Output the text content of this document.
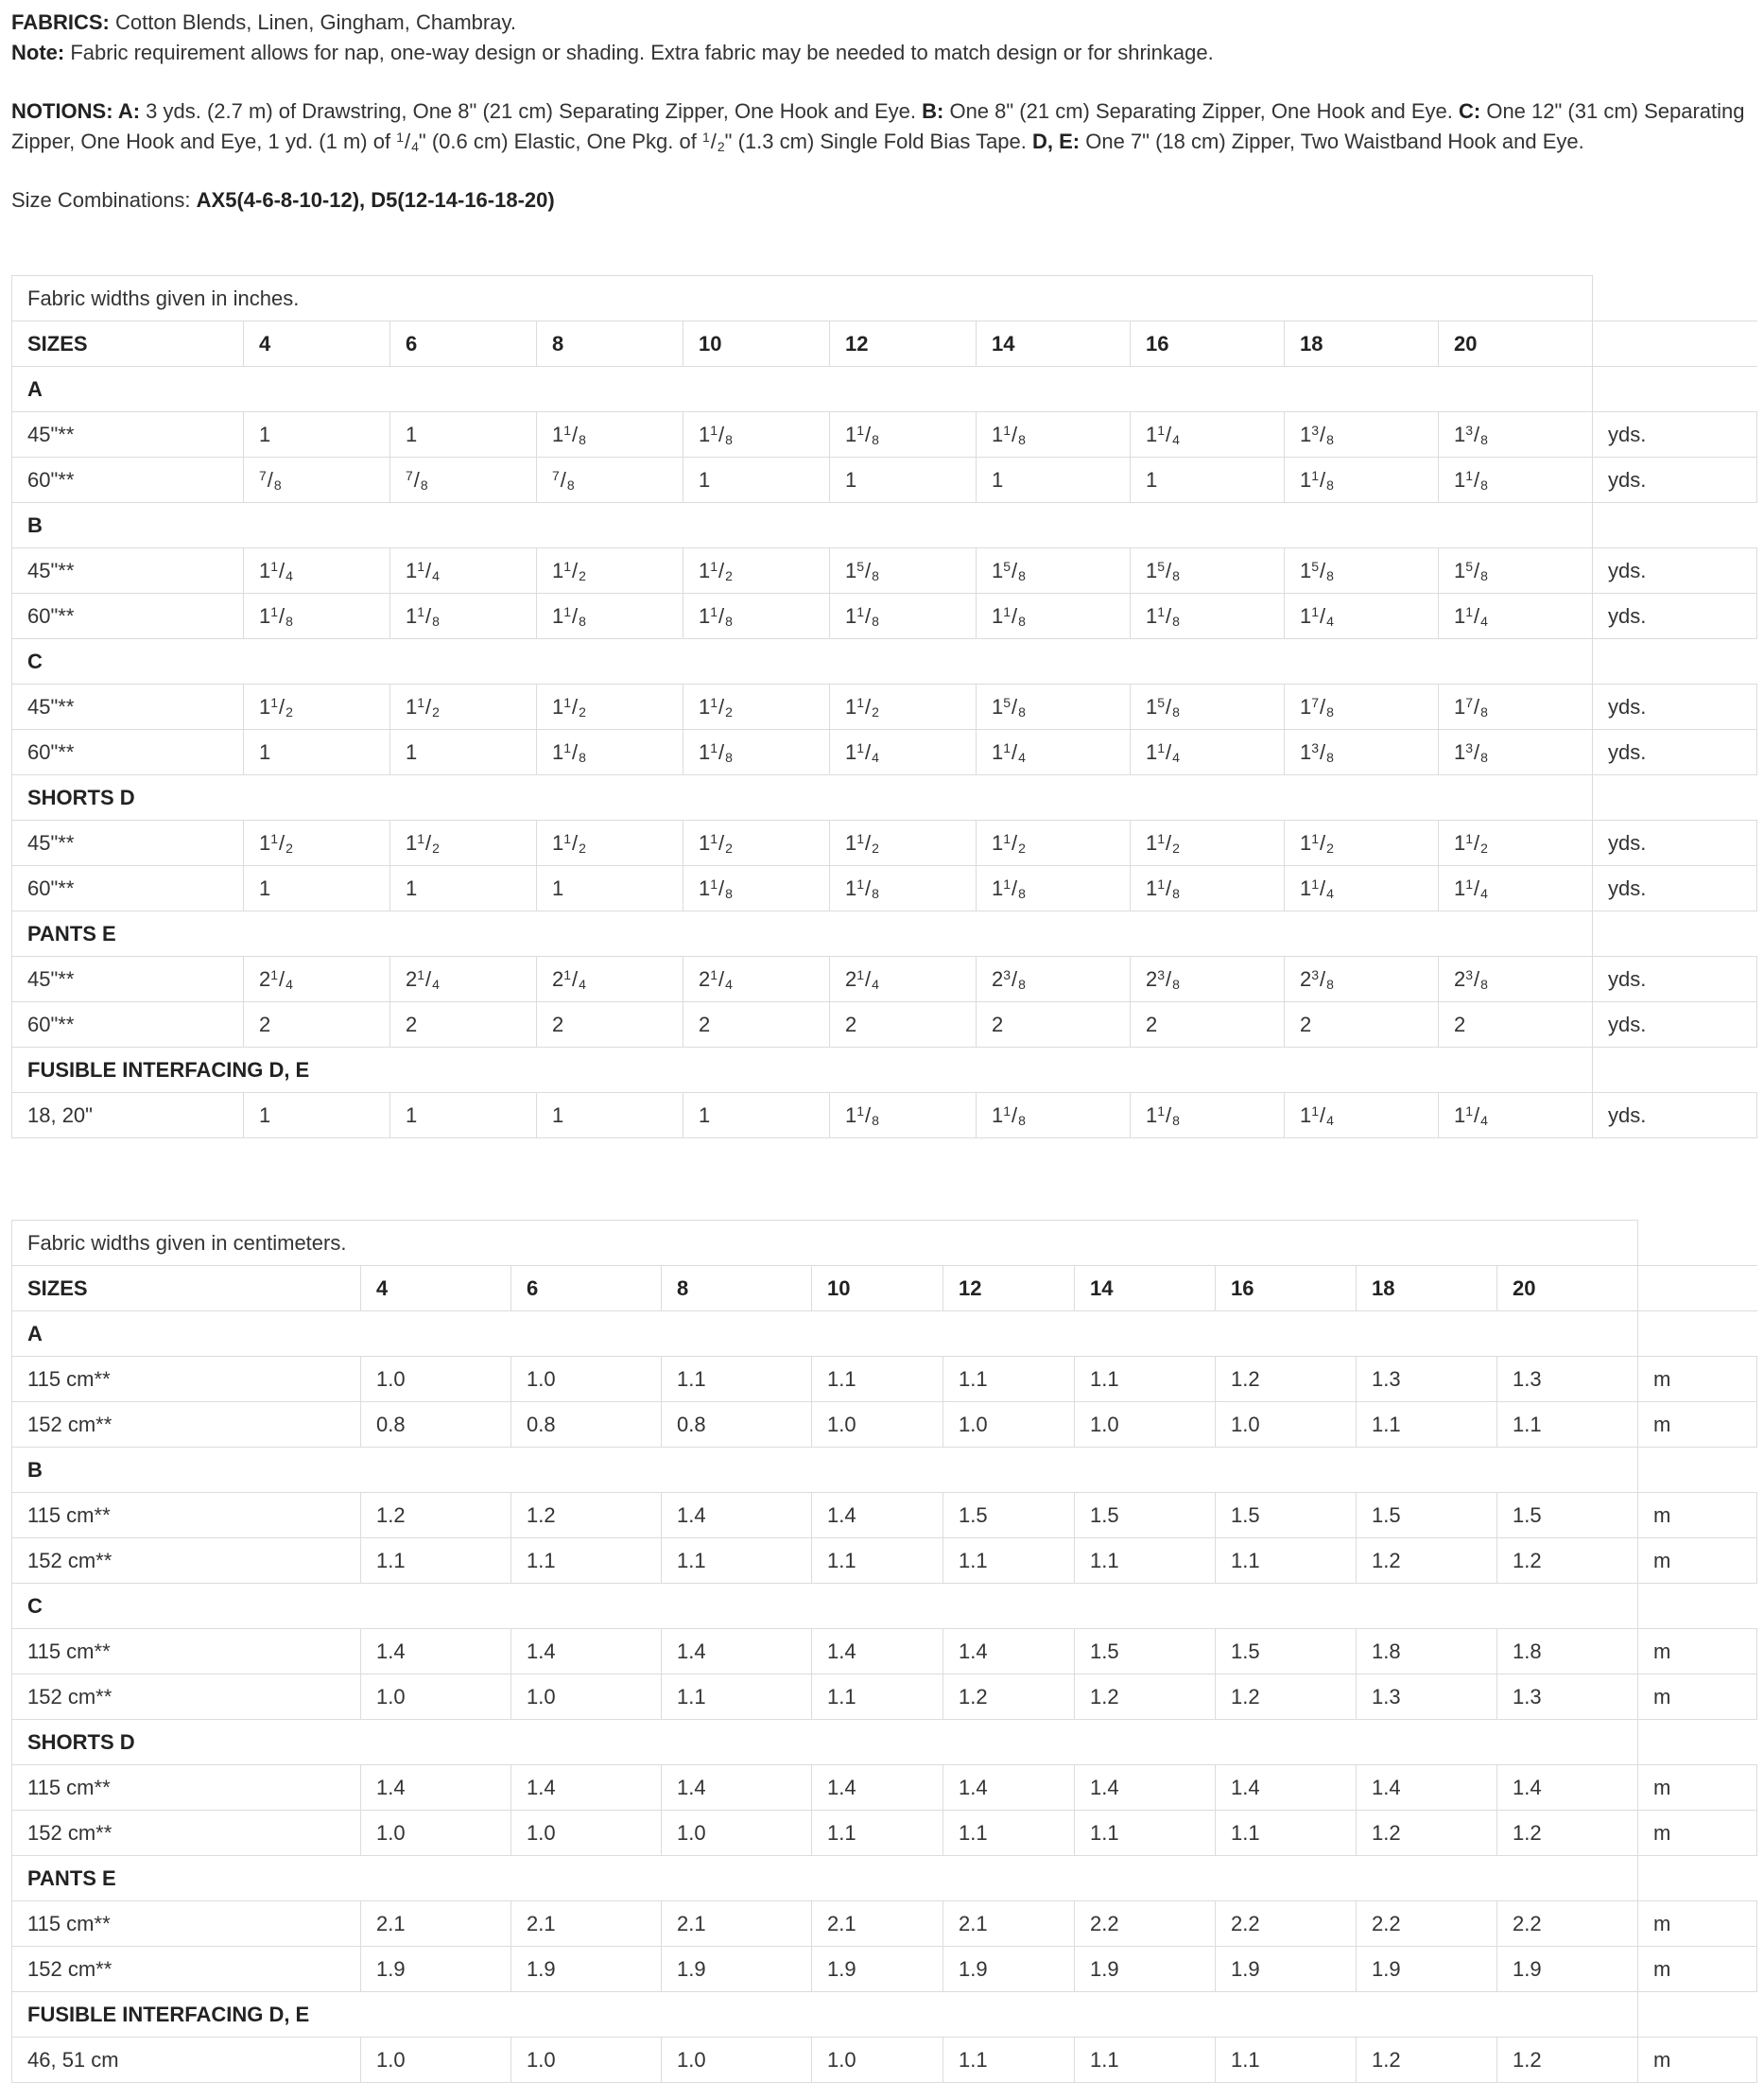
FABRICS: Cotton Blends, Linen, Gingham, Chambray.

Note: Fabric requirement allows for nap, one-way design or shading. Extra fabric may be needed to match design or for shrinkage.

NOTIONS: A: 3 yds. (2.7 m) of Drawstring, One 8" (21 cm) Separating Zipper, One Hook and Eye. B: One 8" (21 cm) Separating Zipper, One Hook and Eye. C: One 12" (31 cm) Separating Zipper, One Hook and Eye, 1 yd. (1 m) of $^1/_4$" (0.6 cm) Elastic, One Pkg. of $^1/_2$" (1.3 cm) Single Fold Bias Tape. D, E: One 7" (18 cm) Zipper, Two Waistband Hook and Eye.

Size Combinations: AX5(4-6-8-10-12), D5(12-14-16-18-20)

Fabric widths given in inches.										
SIZES	4	6	8	10	12	14	16	18	20	
A										
45"**	1	1	$1^1/_8$	$1^1/_8$	$1^1/_8$	$1^1/_8$	$1^1/_4$	$1^3/_8$	$1^3/_8$	yds.
60"**	$^7/_8$	$^7/_8$	$^7/_8$	1	1	1	1	$1^1/_8$	$1^1/_8$	yds.
B										
45"**	$1^1/_4$	$1^1/_4$	$1^1/_2$	$1^1/_2$	$1^5/_8$	$1^5/_8$	$1^5/_8$	$1^5/_8$	$1^5/_8$	yds.
60"**	$1^1/_8$	$1^1/_8$	$1^1/_8$	$1^1/_8$	$1^1/_8$	$1^1/_8$	$1^1/_8$	$1^1/_4$	$1^1/_4$	yds.
C										
45"**	$1^1/_2$	$1^1/_2$	$1^1/_2$	$1^1/_2$	$1^1/_2$	$1^5/_8$	$1^5/_8$	$1^7/_8$	$1^7/_8$	yds.
60"**	1	1	$1^1/_8$	$1^1/_8$	$1^1/_4$	$1^1/_4$	$1^1/_4$	$1^3/_8$	$1^3/_8$	yds.
SHORTS D										
45"**	$1^1/_2$	$1^1/_2$	$1^1/_2$	$1^1/_2$	$1^1/_2$	$1^1/_2$	$1^1/_2$	$1^1/_2$	$1^1/_2$	yds.
60"**	1	1	1	$1^1/_8$	$1^1/_8$	$1^1/_8$	$1^1/_8$	$1^1/_4$	$1^1/_4$	yds.
PANTS E										
45"**	$2^1/_4$	$2^1/_4$	$2^1/_4$	$2^1/_4$	$2^1/_4$	$2^3/_8$	$2^3/_8$	$2^3/_8$	$2^3/_8$	yds.
60"**	2	2	2	2	2	2	2	2	2	yds.
FUSIBLE INTERFACING D, E										
18, 20"	1	1	1	1	$1^1/_8$	$1^1/_8$	$1^1/_8$	$1^1/_4$	$1^1/_4$	yds.
Fabric widths given in centimeters.										
SIZES	4	6	8	10	12	14	16	18	20	
A										
115 cm**	1.0	1.0	1.1	1.1	1.1	1.1	1.2	1.3	1.3	m
152 cm**	0.8	0.8	0.8	1.0	1.0	1.0	1.0	1.1	1.1	m
B										
115 cm**	1.2	1.2	1.4	1.4	1.5	1.5	1.5	1.5	1.5	m
152 cm**	1.1	1.1	1.1	1.1	1.1	1.1	1.1	1.2	1.2	m
C										
115 cm**	1.4	1.4	1.4	1.4	1.4	1.5	1.5	1.8	1.8	m
152 cm**	1.0	1.0	1.1	1.1	1.2	1.2	1.2	1.3	1.3	m
SHORTS D										
115 cm**	1.4	1.4	1.4	1.4	1.4	1.4	1.4	1.4	1.4	m
152 cm**	1.0	1.0	1.0	1.1	1.1	1.1	1.1	1.2	1.2	m
PANTS E										
115 cm**	2.1	2.1	2.1	2.1	2.1	2.2	2.2	2.2	2.2	m
152 cm**	1.9	1.9	1.9	1.9	1.9	1.9	1.9	1.9	1.9	m
FUSIBLE INTERFACING D, E										
46, 51 cm	1.0	1.0	1.0	1.0	1.1	1.1	1.1	1.2	1.2	m
